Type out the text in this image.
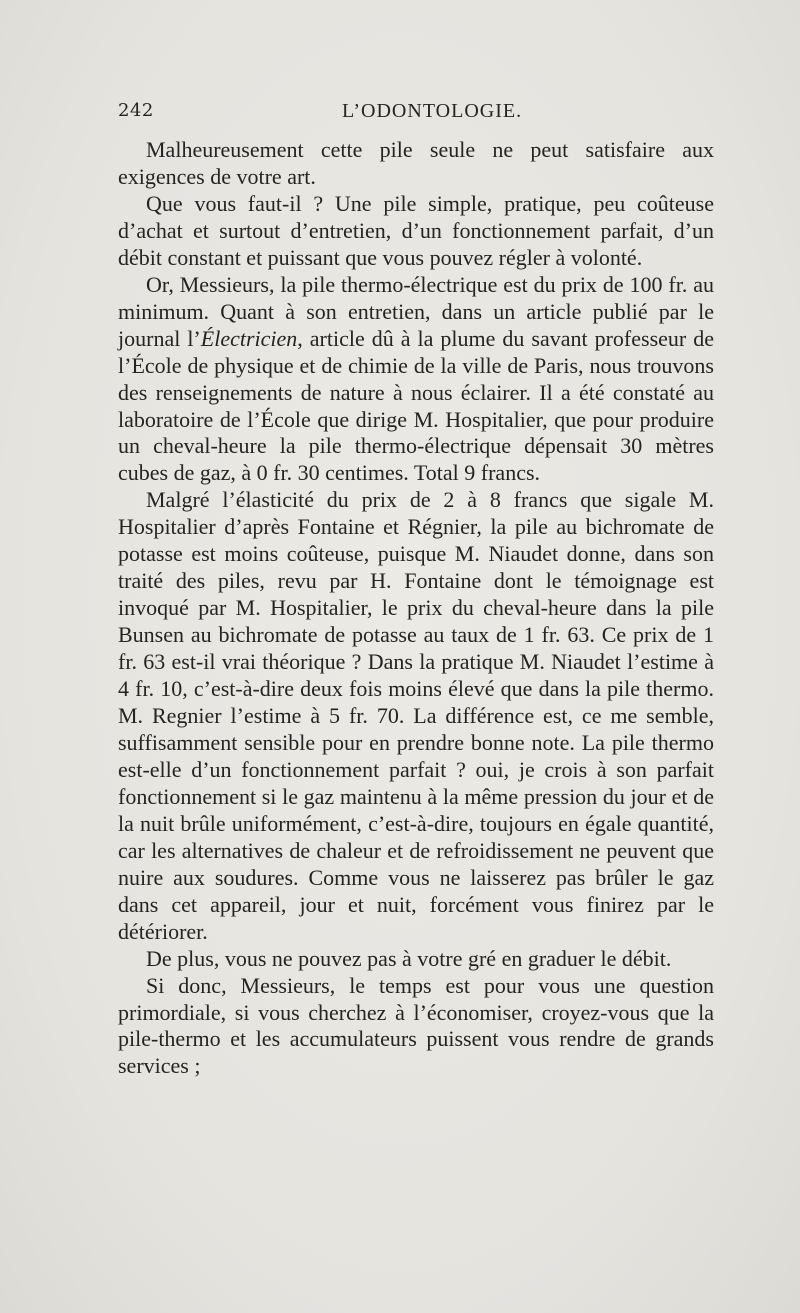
242	L’ODONTOLOGIE.

Malheureusement cette pile seule ne peut satisfaire aux exigences de votre art.

Que vous faut-il ? Une pile simple, pratique, peu coûteuse d’achat et surtout d’entretien, d’un fonctionnement parfait, d’un débit constant et puissant que vous pouvez régler à volonté.

Or, Messieurs, la pile thermo-électrique est du prix de 100 fr. au minimum. Quant à son entretien, dans un article publié par le journal l’Électricien, article dû à la plume du savant professeur de l’École de physique et de chimie de la ville de Paris, nous trouvons des renseignements de nature à nous éclairer. Il a été constaté au laboratoire de l’École que dirige M. Hospitalier, que pour produire un cheval-heure la pile thermo-électrique dépensait 30 mètres cubes de gaz, à 0 fr. 30 centimes. Total 9 francs.

Malgré l’élasticité du prix de 2 à 8 francs que sigale M. Hospitalier d’après Fontaine et Régnier, la pile au bichromate de potasse est moins coûteuse, puisque M. Niaudet donne, dans son traité des piles, revu par H. Fontaine dont le témoignage est invoqué par M. Hospitalier, le prix du cheval-heure dans la pile Bunsen au bichromate de potasse au taux de 1 fr. 63. Ce prix de 1 fr. 63 est-il vrai théorique ? Dans la pratique M. Niaudet l’estime à 4 fr. 10, c’est-à-dire deux fois moins élevé que dans la pile thermo. M. Regnier l’estime à 5 fr. 70. La différence est, ce me semble, suffisamment sensible pour en prendre bonne note. La pile thermo est-elle d’un fonctionnement parfait ? oui, je crois à son parfait fonctionnement si le gaz maintenu à la même pression du jour et de la nuit brûle uniformément, c’est-à-dire, toujours en égale quantité, car les alternatives de chaleur et de refroidissement ne peuvent que nuire aux soudures. Comme vous ne laisserez pas brûler le gaz dans cet appareil, jour et nuit, forcément vous finirez par le détériorer.

De plus, vous ne pouvez pas à votre gré en graduer le débit.

Si donc, Messieurs, le temps est pour vous une question primordiale, si vous cherchez à l’économiser, croyez-vous que la pile-thermo et les accumulateurs puissent vous rendre de grands services ;
